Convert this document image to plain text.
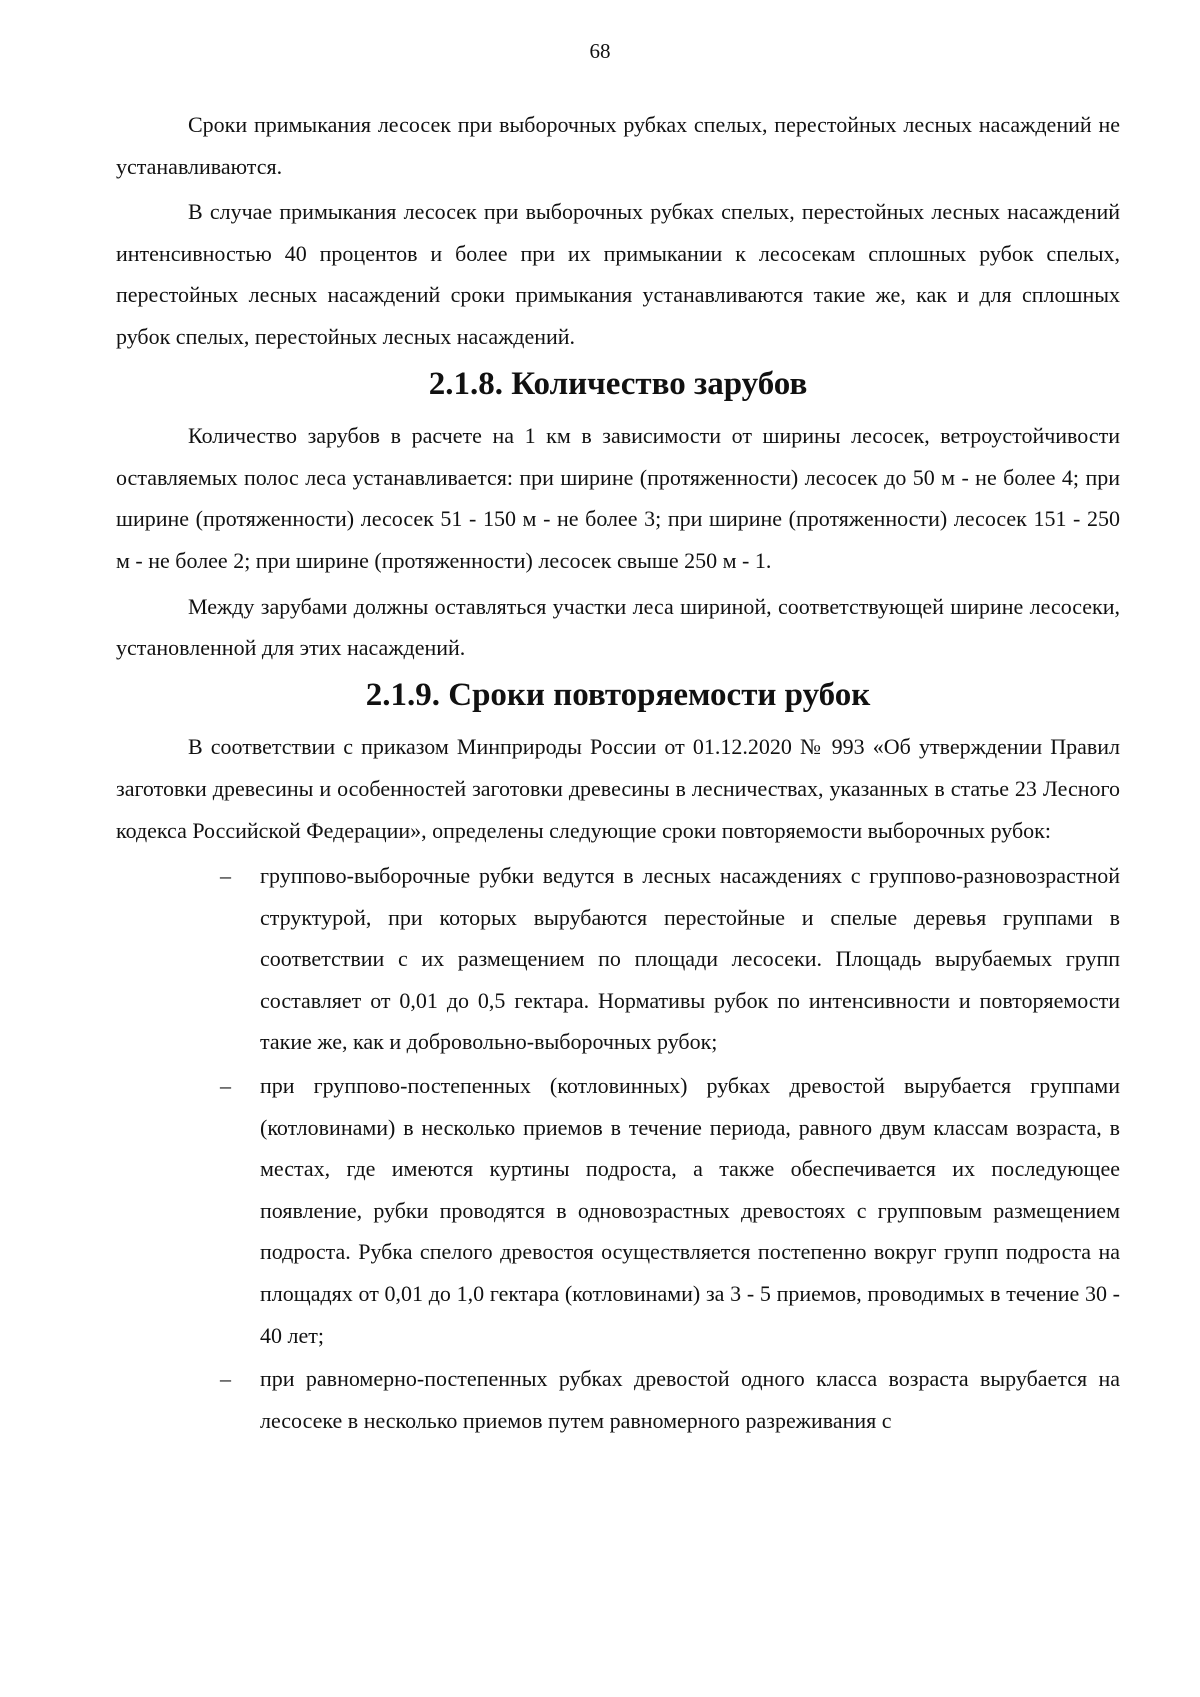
68

Сроки примыкания лесосек при выборочных рубках спелых, перестойных лесных насаждений не устанавливаются.

В случае примыкания лесосек при выборочных рубках спелых, перестойных лесных насаждений интенсивностью 40 процентов и более при их примыкании к лесосекам сплошных рубок спелых, перестойных лесных насаждений сроки примыкания устанавливаются такие же, как и для сплошных рубок спелых, перестойных лесных насаждений.

2.1.8. Количество зарубов

Количество зарубов в расчете на 1 км в зависимости от ширины лесосек, ветроустойчивости оставляемых полос леса устанавливается: при ширине (протяженности) лесосек до 50 м - не более 4; при ширине (протяженности) лесосек 51 - 150 м - не более 3; при ширине (протяженности) лесосек 151 - 250 м - не более 2; при ширине (протяженности) лесосек свыше 250 м - 1.

Между зарубами должны оставляться участки леса шириной, соответствующей ширине лесосеки, установленной для этих насаждений.

2.1.9. Сроки повторяемости рубок

В соответствии с приказом Минприроды России от 01.12.2020 № 993 «Об утверждении Правил заготовки древесины и особенностей заготовки древесины в лесничествах, указанных в статье 23 Лесного кодекса Российской Федерации», определены следующие сроки повторяемости выборочных рубок:

– групповo-выборочные рубки ведутся в лесных насаждениях с группово-разновозрастной структурой, при которых вырубаются перестойные и спелые деревья группами в соответствии с их размещением по площади лесосеки. Площадь вырубаемых групп составляет от 0,01 до 0,5 гектара. Нормативы рубок по интенсивности и повторяемости такие же, как и добровольно-выборочных рубок;
– при группово-постепенных (котловинных) рубках древостой вырубается группами (котловинами) в несколько приемов в течение периода, равного двум классам возраста, в местах, где имеются куртины подроста, а также обеспечивается их последующее появление, рубки проводятся в одновозрастных древостоях с групповым размещением подроста. Рубка спелого древостоя осуществляется постепенно вокруг групп подроста на площадях от 0,01 до 1,0 гектара (котловинами) за 3 - 5 приемов, проводимых в течение 30 - 40 лет;
– при равномерно-постепенных рубках древостой одного класса возраста вырубается на лесосеке в несколько приемов путем равномерного разреживания с
